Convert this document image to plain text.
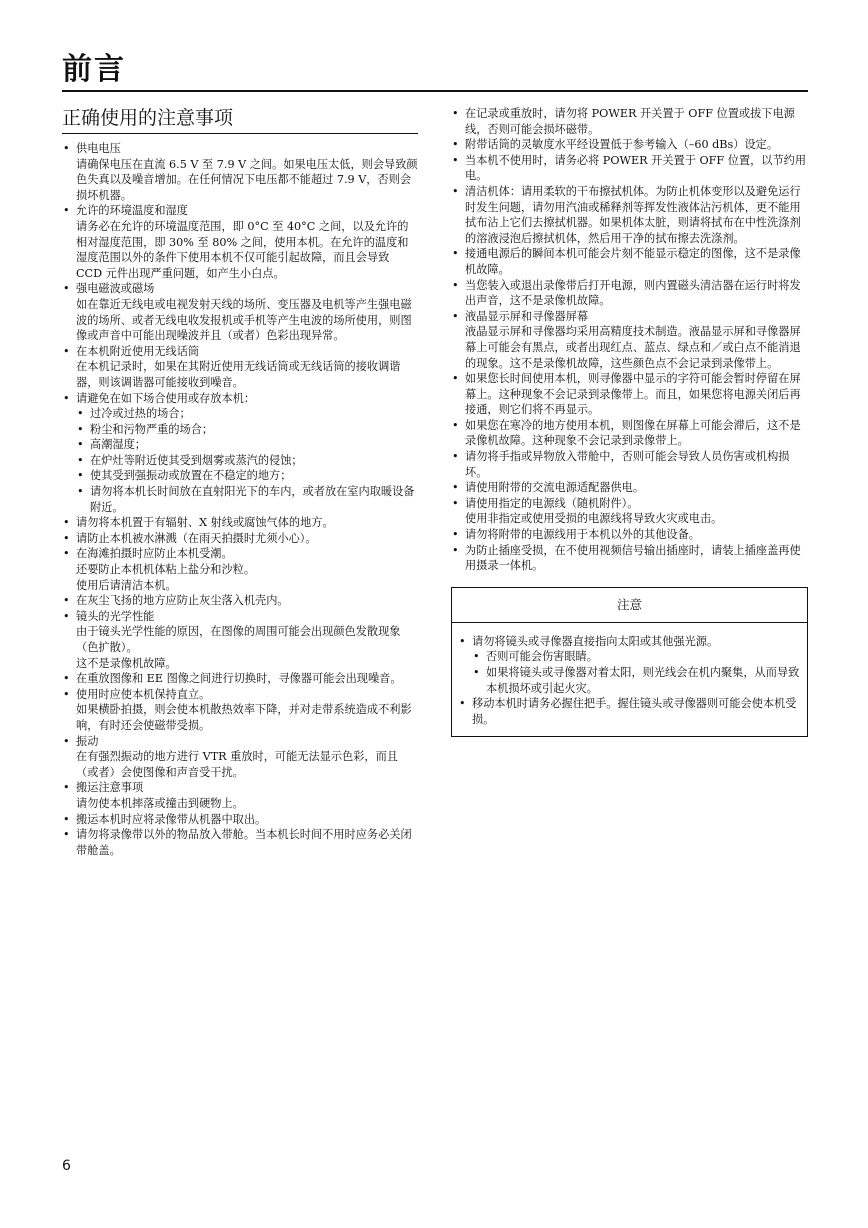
前言
正确使用的注意事项
• 供电电压
请确保电压在直流 6.5 V 至 7.9 V 之间。如果电压太低，则会导致颜色失真以及噪音增加。在任何情况下电压都不能超过 7.9 V，否则会损坏机器。
• 允许的环境温度和湿度
请务必在允许的环境温度范围，即 0°C 至 40°C 之间，以及允许的相对湿度范围，即 30% 至 80% 之间，使用本机。在允许的温度和湿度范围以外的条件下使用本机不仅可能引起故障，而且会导致 CCD 元件出现严重问题，如产生小白点。
• 强电磁波或磁场
如在靠近无线电或电视发射天线的场所、变压器及电机等产生强电磁波的场所、或者无线电收发报机或手机等产生电波的场所使用，则图像或声音中可能出现噪波并且（或者）色彩出现异常。
• 在本机附近使用无线话筒
在本机记录时，如果在其附近使用无线话筒或无线话筒的接收调谐器，则该调谐器可能接收到噪音。
• 请避免在如下场合使用或存放本机：
• 过冷或过热的场合；
• 粉尘和污物严重的场合；
• 高潮湿度；
• 在炉灶等附近使其受到烟雾或蒸汽的侵蚀；
• 使其受到强振动或放置在不稳定的地方；
• 请勿将本机长时间放在直射阳光下的车内，或者放在室内取暖设备附近。
• 请勿将本机置于有辐射、X 射线或腐蚀气体的地方。
• 请防止本机被水淋溅（在雨天拍摄时尤须小心）。
• 在海滩拍摄时应防止本机受潮。
还要防止本机机体粘上盐分和沙粒。
使用后请清洁本机。
• 在灰尘飞扬的地方应防止灰尘落入机壳内。
• 镜头的光学性能
由于镜头光学性能的原因，在图像的周围可能会出现颜色发散现象（色扩散）。
这不是录像机故障。
• 在重放图像和 EE 图像之间进行切换时，寻像器可能会出现噪音。
• 使用时应使本机保持直立。
如果横卧拍摄，则会使本机散热效率下降，并对走带系统造成不利影响，有时还会使磁带受损。
• 振动
在有强烈振动的地方进行 VTR 重放时，可能无法显示色彩，而且（或者）会使图像和声音受干扰。
• 搬运注意事项
请勿使本机摔落或撞击到硬物上。
• 搬运本机时应将录像带从机器中取出。
• 请勿将录像带以外的物品放入带舱。当本机长时间不用时应务必关闭带舱盖。
• 在记录或重放时，请勿将 POWER 开关置于 OFF 位置或拔下电源线，否则可能会损坏磁带。
• 附带话筒的灵敏度水平经设置低于参考输入（–60 dBs）设定。
• 当本机不使用时，请务必将 POWER 开关置于 OFF 位置，以节约用电。
• 清洁机体：请用柔软的干布擦拭机体。为防止机体变形以及避免运行时发生问题，请勿用汽油或稀释剂等挥发性液体沾污机体，更不能用拭布沾上它们去擦拭机器。如果机体太脏，则请将拭布在中性洗涤剂的溶液浸泡后擦拭机体，然后用干净的拭布擦去洗涤剂。
• 接通电源后的瞬间本机可能会片刻不能显示稳定的图像，这不是录像机故障。
• 当您装入或退出录像带后打开电源，则内置磁头清洁器在运行时将发出声音，这不是录像机故障。
• 液晶显示屏和寻像器屏幕
液晶显示屏和寻像器均采用高精度技术制造。液晶显示屏和寻像器屏幕上可能会有黑点，或者出现红点、蓝点、绿点和／或白点不能消退的现象。这不是录像机故障，这些颜色点不会记录到录像带上。
• 如果您长时间使用本机，则寻像器中显示的字符可能会暂时停留在屏幕上。这种现象不会记录到录像带上。而且，如果您将电源关闭后再接通，则它们将不再显示。
• 如果您在寒冷的地方使用本机，则图像在屏幕上可能会滞后，这不是录像机故障。这种现象不会记录到录像带上。
• 请勿将手指或异物放入带舱中，否则可能会导致人员伤害或机构损坏。
• 请使用附带的交流电源适配器供电。
• 请使用指定的电源线（随机附件）。
使用非指定或使用受损的电源线将导致火灾或电击。
• 请勿将附带的电源线用于本机以外的其他设备。
• 为防止插座受损，在不使用视频信号输出插座时，请装上插座盖再使用摄录一体机。
注意
• 请勿将镜头或寻像器直接指向太阳或其他强光源。
• 否则可能会伤害眼睛。
• 如果将镜头或寻像器对着太阳，则光线会在机内聚集，从而导致本机损坏或引起火灾。
• 移动本机时请务必握住把手。握住镜头或寻像器则可能会使本机受损。
6
